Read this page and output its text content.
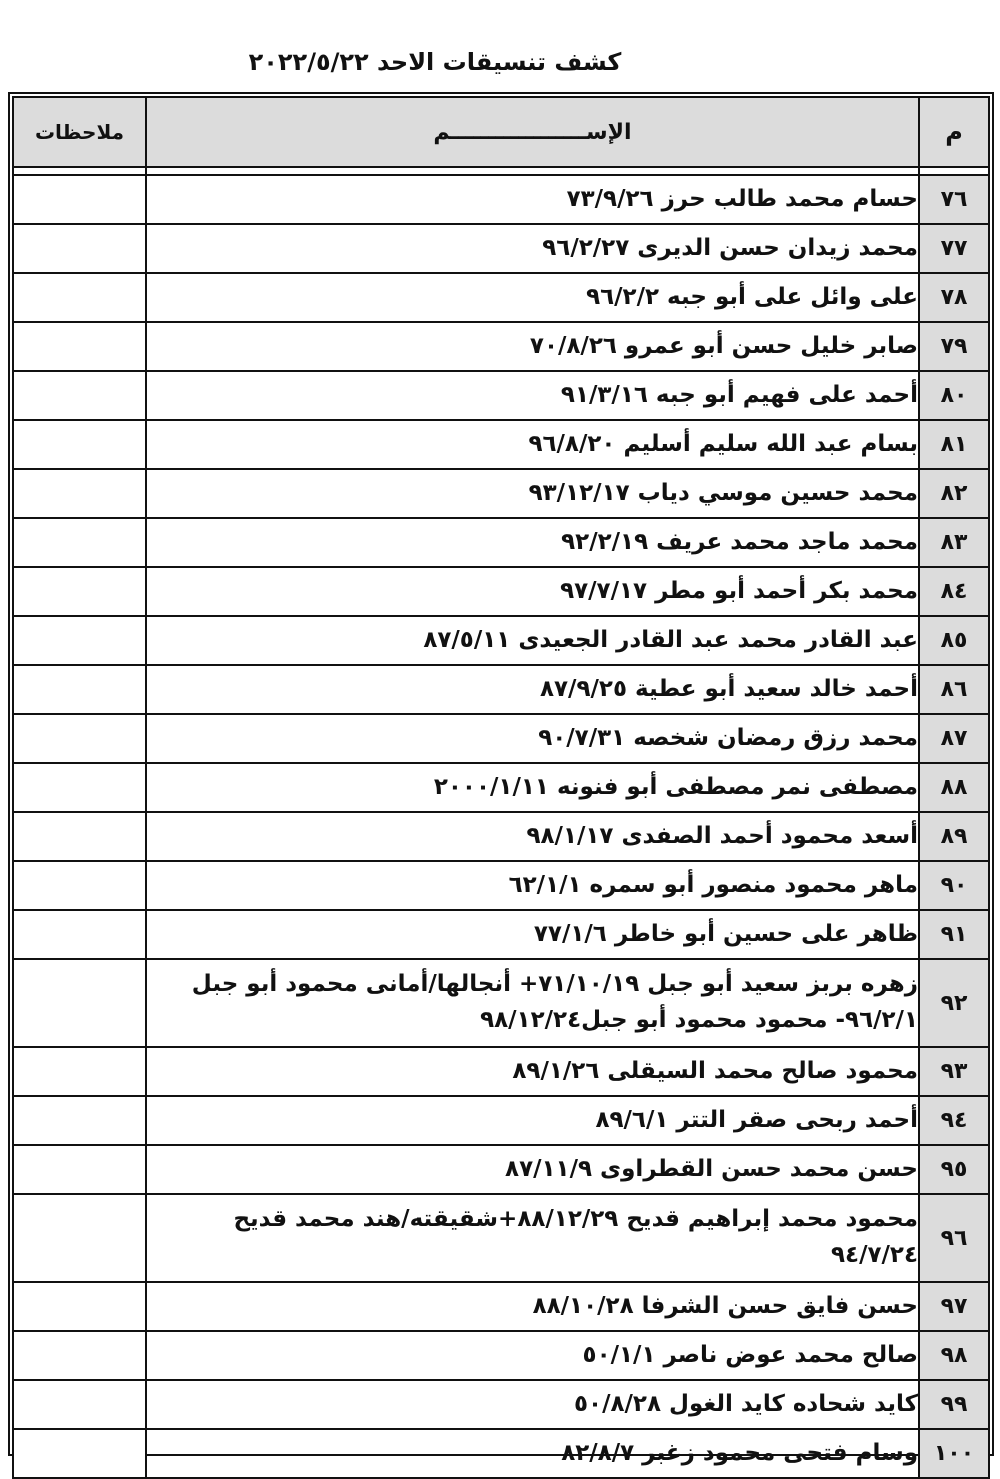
كشف تنسيقات الاحد ٢٠٢٢/٥/٢٢
م	الإســــــــــــــــــم	ملاحظات

٧٦	حسام محمد طالب حرز ٧٣/٩/٢٦	
٧٧	محمد زيدان حسن الديرى ٩٦/٢/٢٧	
٧٨	على وائل على أبو جبه ٩٦/٢/٢	
٧٩	صابر خليل حسن أبو عمرو ٧٠/٨/٢٦	
٨٠	أحمد على فهيم أبو جبه ٩١/٣/١٦	
٨١	بسام عبد الله سليم أسليم ٩٦/٨/٢٠	
٨٢	محمد حسين موسي دياب ٩٣/١٢/١٧	
٨٣	محمد ماجد محمد عريف ٩٢/٢/١٩	
٨٤	محمد بكر أحمد أبو مطر ٩٧/٧/١٧	
٨٥	عبد القادر محمد عبد القادر الجعيدى ٨٧/٥/١١	
٨٦	أحمد خالد سعيد أبو عطية ٨٧/٩/٢٥	
٨٧	محمد رزق رمضان شخصه ٩٠/٧/٣١	
٨٨	مصطفى نمر مصطفى أبو فنونه ٢٠٠٠/١/١١	
٨٩	أسعد محمود أحمد الصفدى ٩٨/١/١٧	
٩٠	ماهر محمود منصور أبو سمره ٦٢/١/١	
٩١	ظاهر على حسين أبو خاطر ٧٧/١/٦	
٩٢	زهره بربز سعيد أبو جبل ٧١/١٠/١٩+ أنجالها/أمانى محمود أبو جبل ٩٦/٢/١- محمود محمود أبو جبل٩٨/١٢/٢٤	
٩٣	محمود صالح محمد السيقلى ٨٩/١/٢٦	
٩٤	أحمد ربحى صقر التتر ٨٩/٦/١	
٩٥	حسن محمد حسن القطراوى ٨٧/١١/٩	
٩٦	محمود محمد إبراهيم قديح ٨٨/١٢/٢٩+شقيقته/هند محمد قديح ٩٤/٧/٢٤	
٩٧	حسن فايق حسن الشرفا ٨٨/١٠/٢٨	
٩٨	صالح محمد عوض ناصر ٥٠/١/١	
٩٩	كايد شحاده كايد الغول ٥٠/٨/٢٨	
١٠٠	وسام فتحى محمود زغبر ٨٢/٨/٧	
